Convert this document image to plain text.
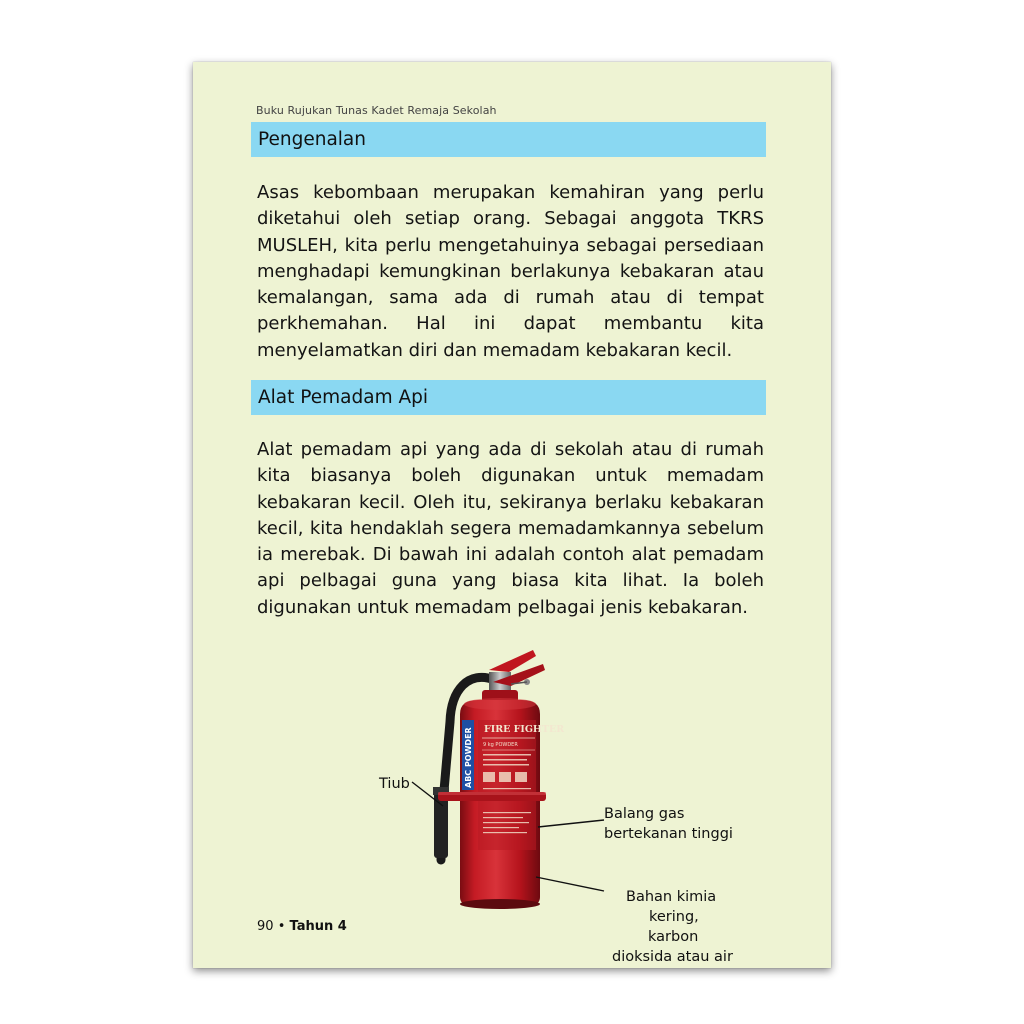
Buku Rujukan Tunas Kadet Remaja Sekolah
Pengenalan

Asas kebombaan merupakan kemahiran yang perlu diketahui oleh setiap orang. Sebagai anggota TKRS MUSLEH, kita perlu mengetahuinya sebagai persediaan menghadapi kemungkinan berlakunya kebakaran atau kemalangan, sama ada di rumah atau di tempat perkhemahan. Hal ini dapat membantu kita menyelamatkan diri dan memadam kebakaran kecil.

Alat Pemadam Api

Alat pemadam api yang ada di sekolah atau di rumah kita biasanya boleh digunakan untuk memadam kebakaran kecil. Oleh itu, sekiranya berlaku kebakaran kecil, kita hendaklah segera memadamkannya sebelum ia merebak. Di bawah ini adalah contoh alat pemadam api pelbagai guna yang biasa kita lihat. Ia boleh digunakan untuk memadam pelbagai jenis kebakaran.

FIRE FIGHTER
9 kg POWDER
ABC POWDER
Tiub
Balang gas
bertekanan tinggi
Bahan kimia
kering,
karbon
dioksida atau air
90 • Tahun 4
